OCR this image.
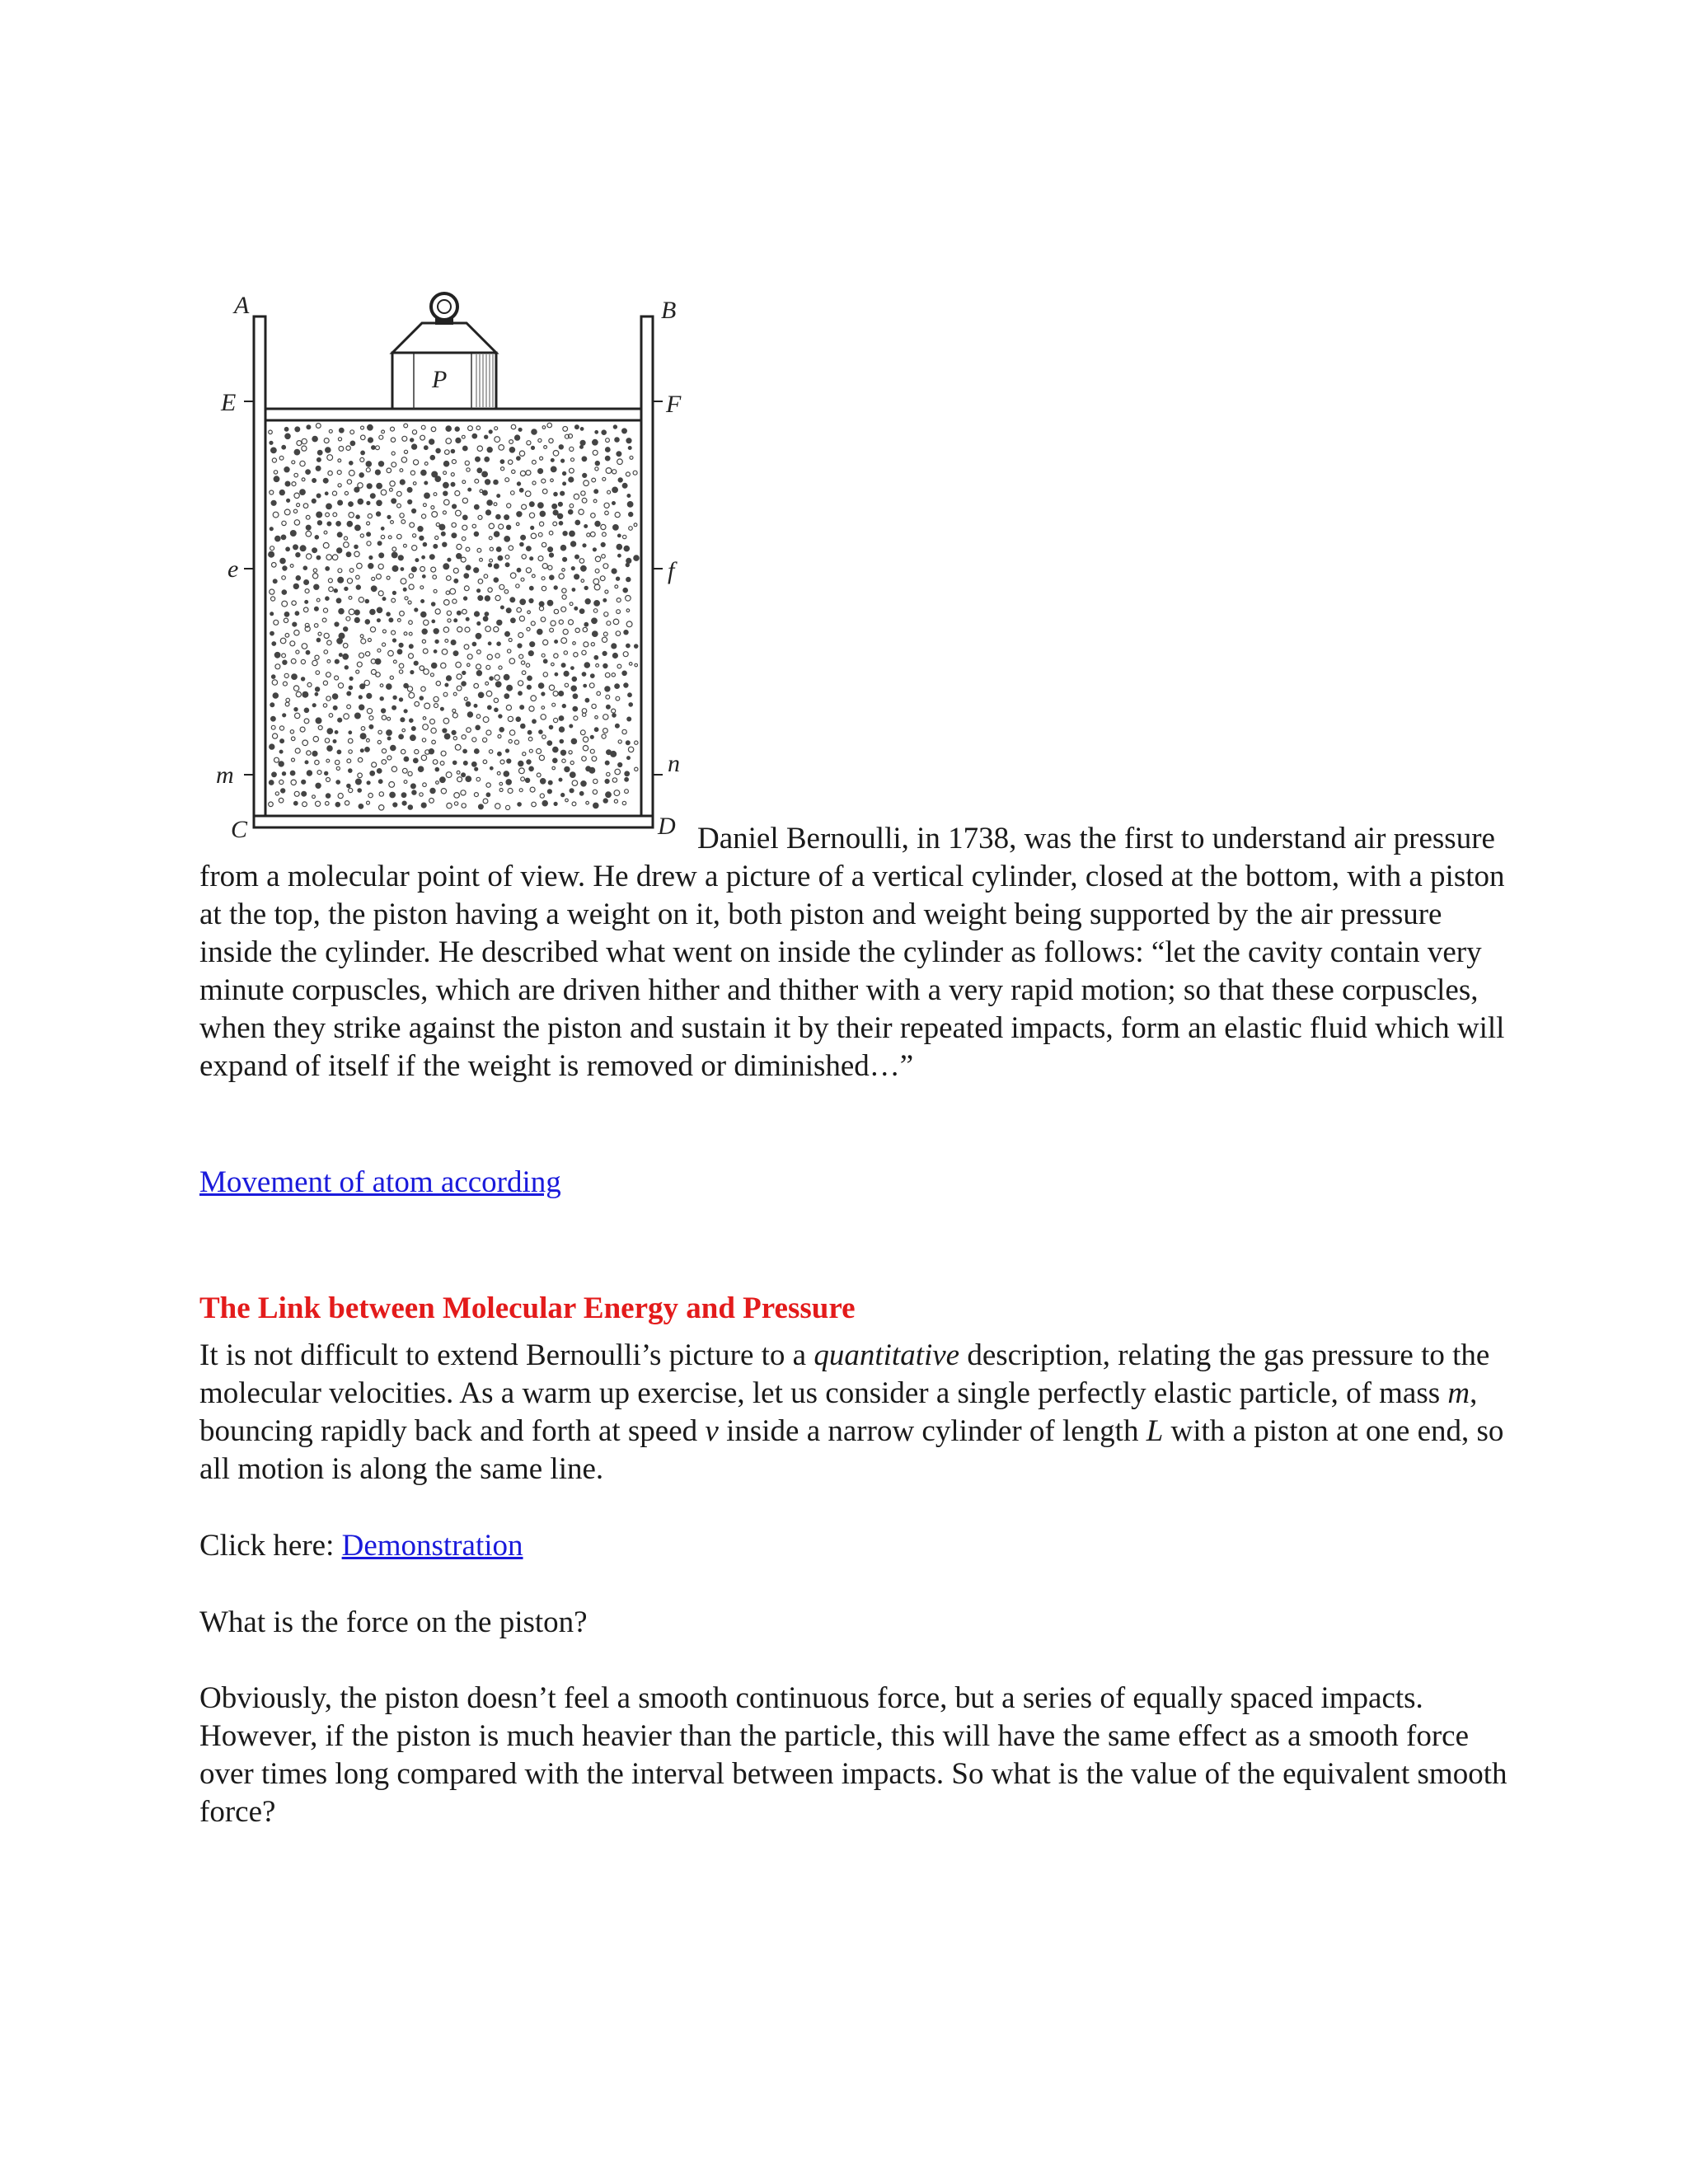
A	B
E	F
e	f
m	n
C	D
P

Daniel Bernoulli, in 1738, was the first to understand air pressure from a molecular point of view. He drew a picture of a vertical cylinder, closed at the bottom, with a piston at the top, the piston having a weight on it, both piston and weight being supported by the air pressure inside the cylinder. He described what went on inside the cylinder as follows: “let the cavity contain very minute corpuscles, which are driven hither and thither with a very rapid motion; so that these corpuscles, when they strike against the piston and sustain it by their repeated impacts, form an elastic fluid which will expand of itself if the weight is removed or diminished…”

Movement of atom according
The Link between Molecular Energy and Pressure

It is not difficult to extend Bernoulli’s picture to a quantitative description, relating the gas pressure to the molecular velocities. As a warm up exercise, let us consider a single perfectly elastic particle, of mass m, bouncing rapidly back and forth at speed v inside a narrow cylinder of length L with a piston at one end, so all motion is along the same line.

Click here: Demonstration
What is the force on the piston?

Obviously, the piston doesn’t feel a smooth continuous force, but a series of equally spaced impacts. However, if the piston is much heavier than the particle, this will have the same effect as a smooth force over times long compared with the interval between impacts. So what is the value of the equivalent smooth force?
